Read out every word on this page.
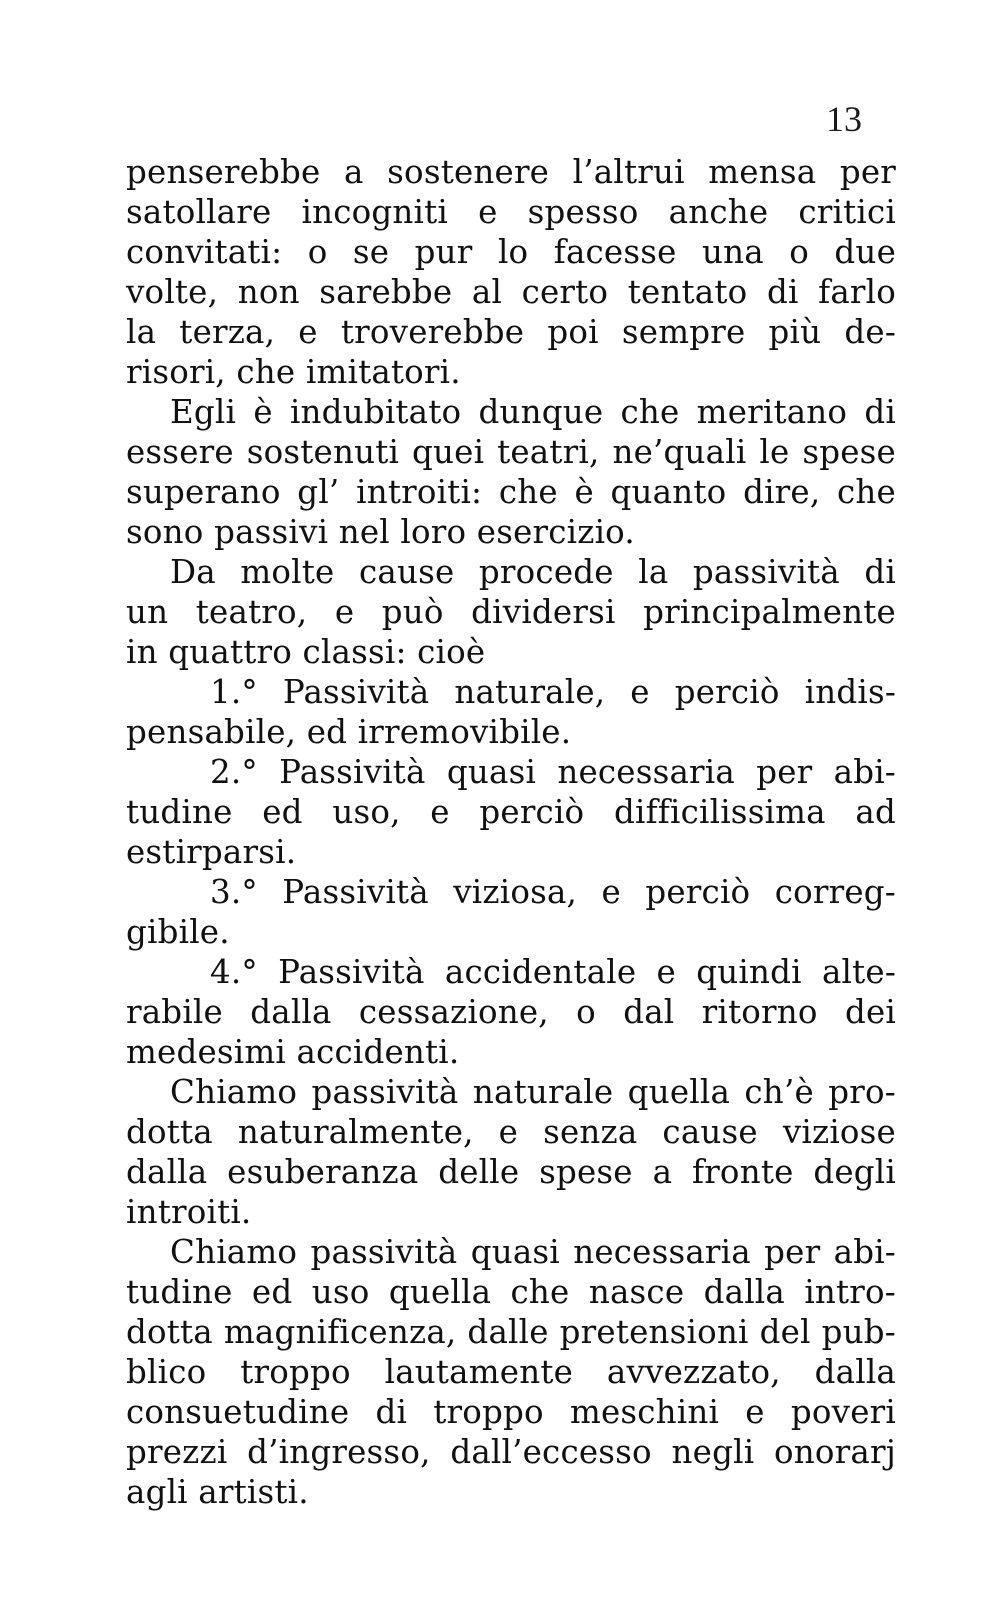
13
penserebbe a sostenere l’altrui mensa per
satollare incogniti e spesso anche critici
convitati: o se pur lo facesse una o due
volte, non sarebbe al certo tentato di farlo
la terza, e troverebbe poi sempre più de-
risori, che imitatori.
Egli è indubitato dunque che meritano di
essere sostenuti quei teatri, ne’quali le spese
superano gl’ introiti: che è quanto dire, che
sono passivi nel loro esercizio.
Da molte cause procede la passività di
un teatro, e può dividersi principalmente
in quattro classi: cioè
1.° Passività naturale, e perciò indis-
pensabile, ed irremovibile.
2.° Passività quasi necessaria per abi-
tudine ed uso, e perciò difficilissima ad
estirparsi.
3.° Passività viziosa, e perciò correg-
gibile.
4.° Passività accidentale e quindi alte-
rabile dalla cessazione, o dal ritorno dei
medesimi accidenti.
Chiamo passività naturale quella ch’è pro-
dotta naturalmente, e senza cause viziose
dalla esuberanza delle spese a fronte degli
introiti.
Chiamo passività quasi necessaria per abi-
tudine ed uso quella che nasce dalla intro-
dotta magnificenza, dalle pretensioni del pub-
blico troppo lautamente avvezzato, dalla
consuetudine di troppo meschini e poveri
prezzi d’ingresso, dall’eccesso negli onorarj
agli artisti.
